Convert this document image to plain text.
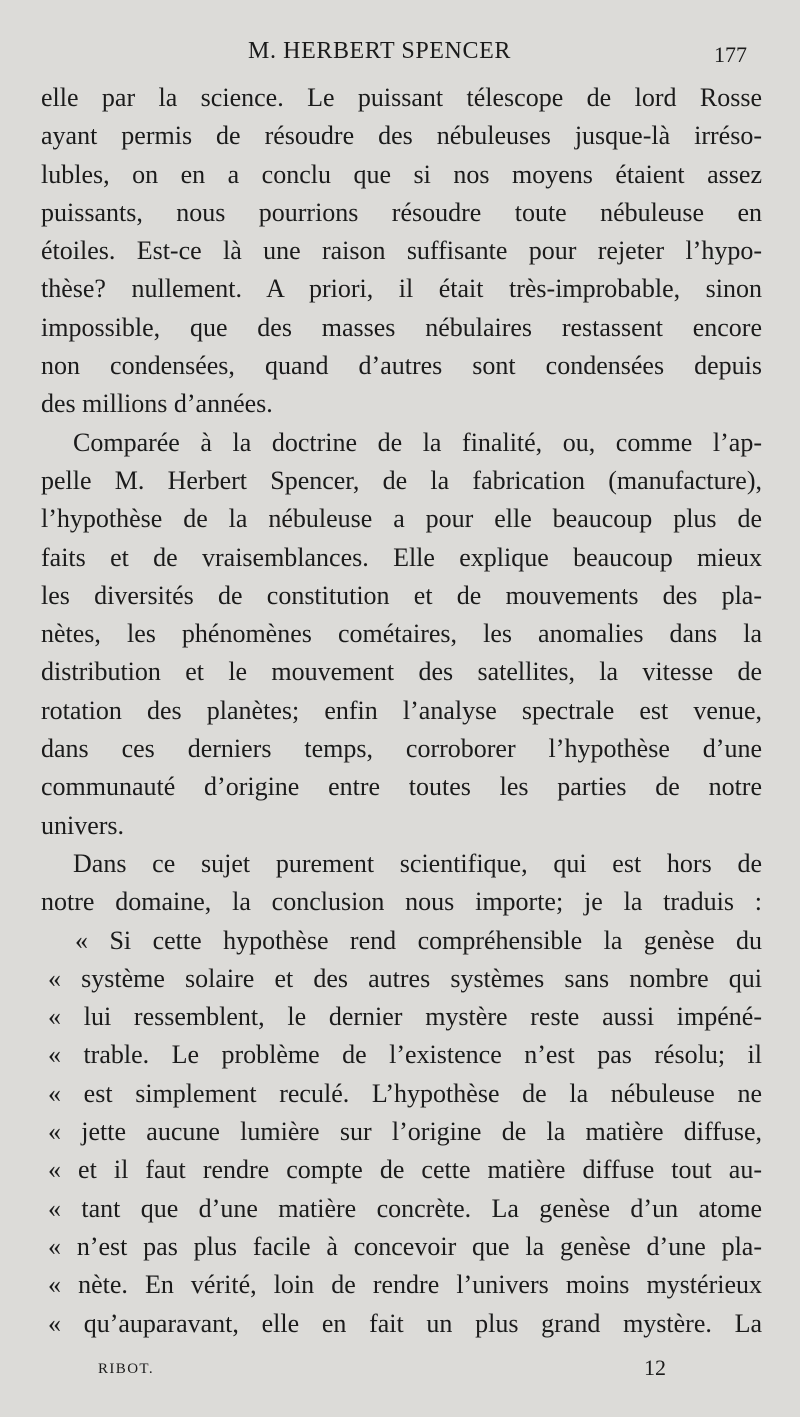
M. HERBERT SPENCER	177
elle par la science. Le puissant télescope de lord Rosse
ayant permis de résoudre des nébuleuses jusque-là irréso-
lubles, on en a conclu que si nos moyens étaient assez
puissants, nous pourrions résoudre toute nébuleuse en
étoiles. Est-ce là une raison suffisante pour rejeter l’hypo-
thèse? nullement. A priori, il était très-improbable, sinon
impossible, que des masses nébulaires restassent encore
non condensées, quand d’autres sont condensées depuis
des millions d’années.
Comparée à la doctrine de la finalité, ou, comme l’ap-
pelle M. Herbert Spencer, de la fabrication (manufacture),
l’hypothèse de la nébuleuse a pour elle beaucoup plus de
faits et de vraisemblances. Elle explique beaucoup mieux
les diversités de constitution et de mouvements des pla-
nètes, les phénomènes cométaires, les anomalies dans la
distribution et le mouvement des satellites, la vitesse de
rotation des planètes; enfin l’analyse spectrale est venue,
dans ces derniers temps, corroborer l’hypothèse d’une
communauté d’origine entre toutes les parties de notre
univers.
Dans ce sujet purement scientifique, qui est hors de
notre domaine, la conclusion nous importe; je la traduis :
« Si cette hypothèse rend compréhensible la genèse du
« système solaire et des autres systèmes sans nombre qui
« lui ressemblent, le dernier mystère reste aussi impéné-
« trable. Le problème de l’existence n’est pas résolu; il
« est simplement reculé. L’hypothèse de la nébuleuse ne
« jette aucune lumière sur l’origine de la matière diffuse,
« et il faut rendre compte de cette matière diffuse tout au-
« tant que d’une matière concrète. La genèse d’un atome
« n’est pas plus facile à concevoir que la genèse d’une pla-
« nète. En vérité, loin de rendre l’univers moins mystérieux
« qu’auparavant, elle en fait un plus grand mystère. La
RIBOT.	12
